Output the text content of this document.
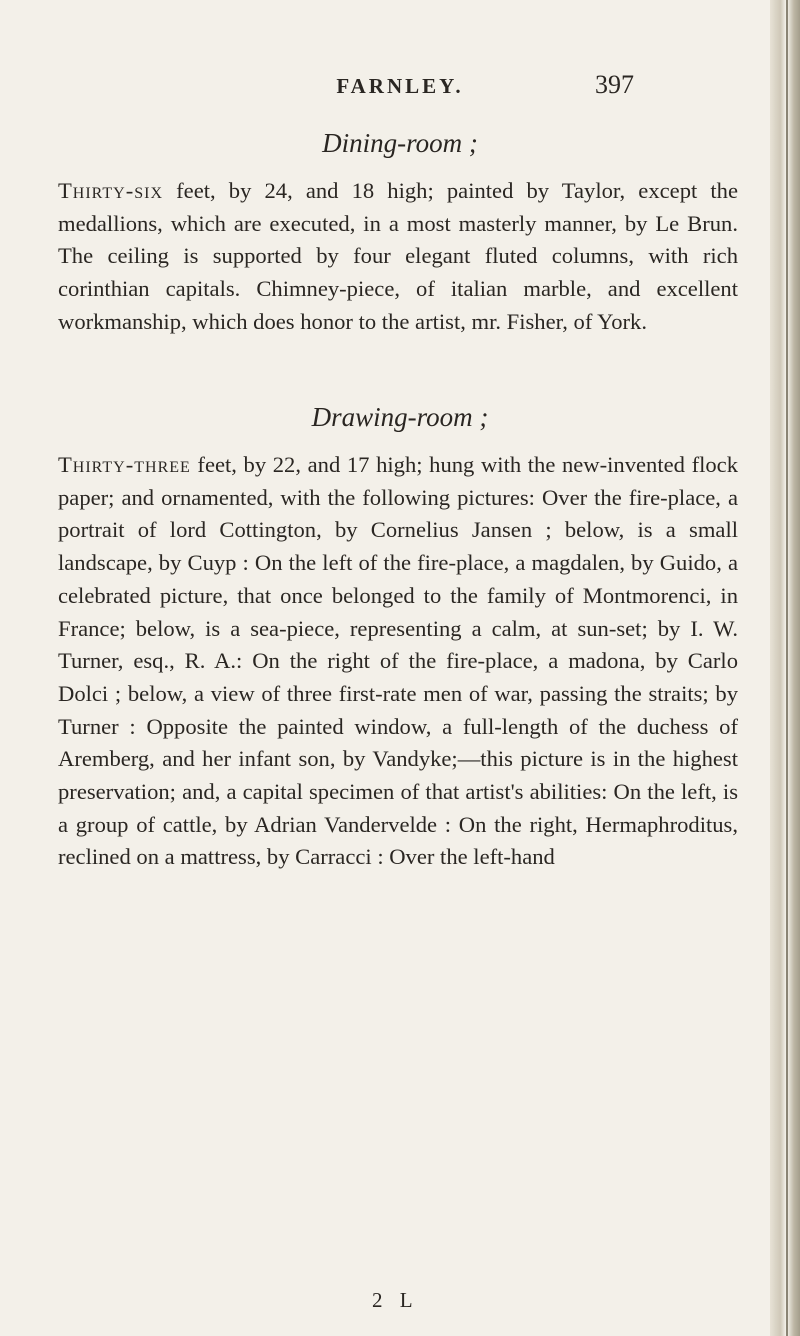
FARNLEY.	397
Dining-room ;

Thirty-six feet, by 24, and 18 high; painted by Taylor, except the medallions, which are executed, in a most masterly manner, by Le Brun. The ceiling is supported by four elegant fluted columns, with rich corinthian capitals. Chimney-piece, of italian marble, and excellent workmanship, which does honor to the artist, mr. Fisher, of York.

Drawing-room ;

Thirty-three feet, by 22, and 17 high; hung with the new-invented flock paper; and ornamented, with the following pictures: Over the fire-place, a portrait of lord Cottington, by Cornelius Jansen ; below, is a small landscape, by Cuyp : On the left of the fire-place, a magdalen, by Guido, a celebrated picture, that once belonged to the family of Montmorenci, in France; below, is a sea-piece, representing a calm, at sun-set; by I. W. Turner, esq., R. A.: On the right of the fire-place, a madona, by Carlo Dolci ; below, a view of three first-rate men of war, passing the straits; by Turner : Opposite the painted window, a full-length of the duchess of Aremberg, and her infant son, by Vandyke;—this picture is in the highest preservation; and, a capital specimen of that artist's abilities: On the left, is a group of cattle, by Adrian Vandervelde : On the right, Hermaphroditus, reclined on a mattress, by Carracci : Over the left-hand

2 L
